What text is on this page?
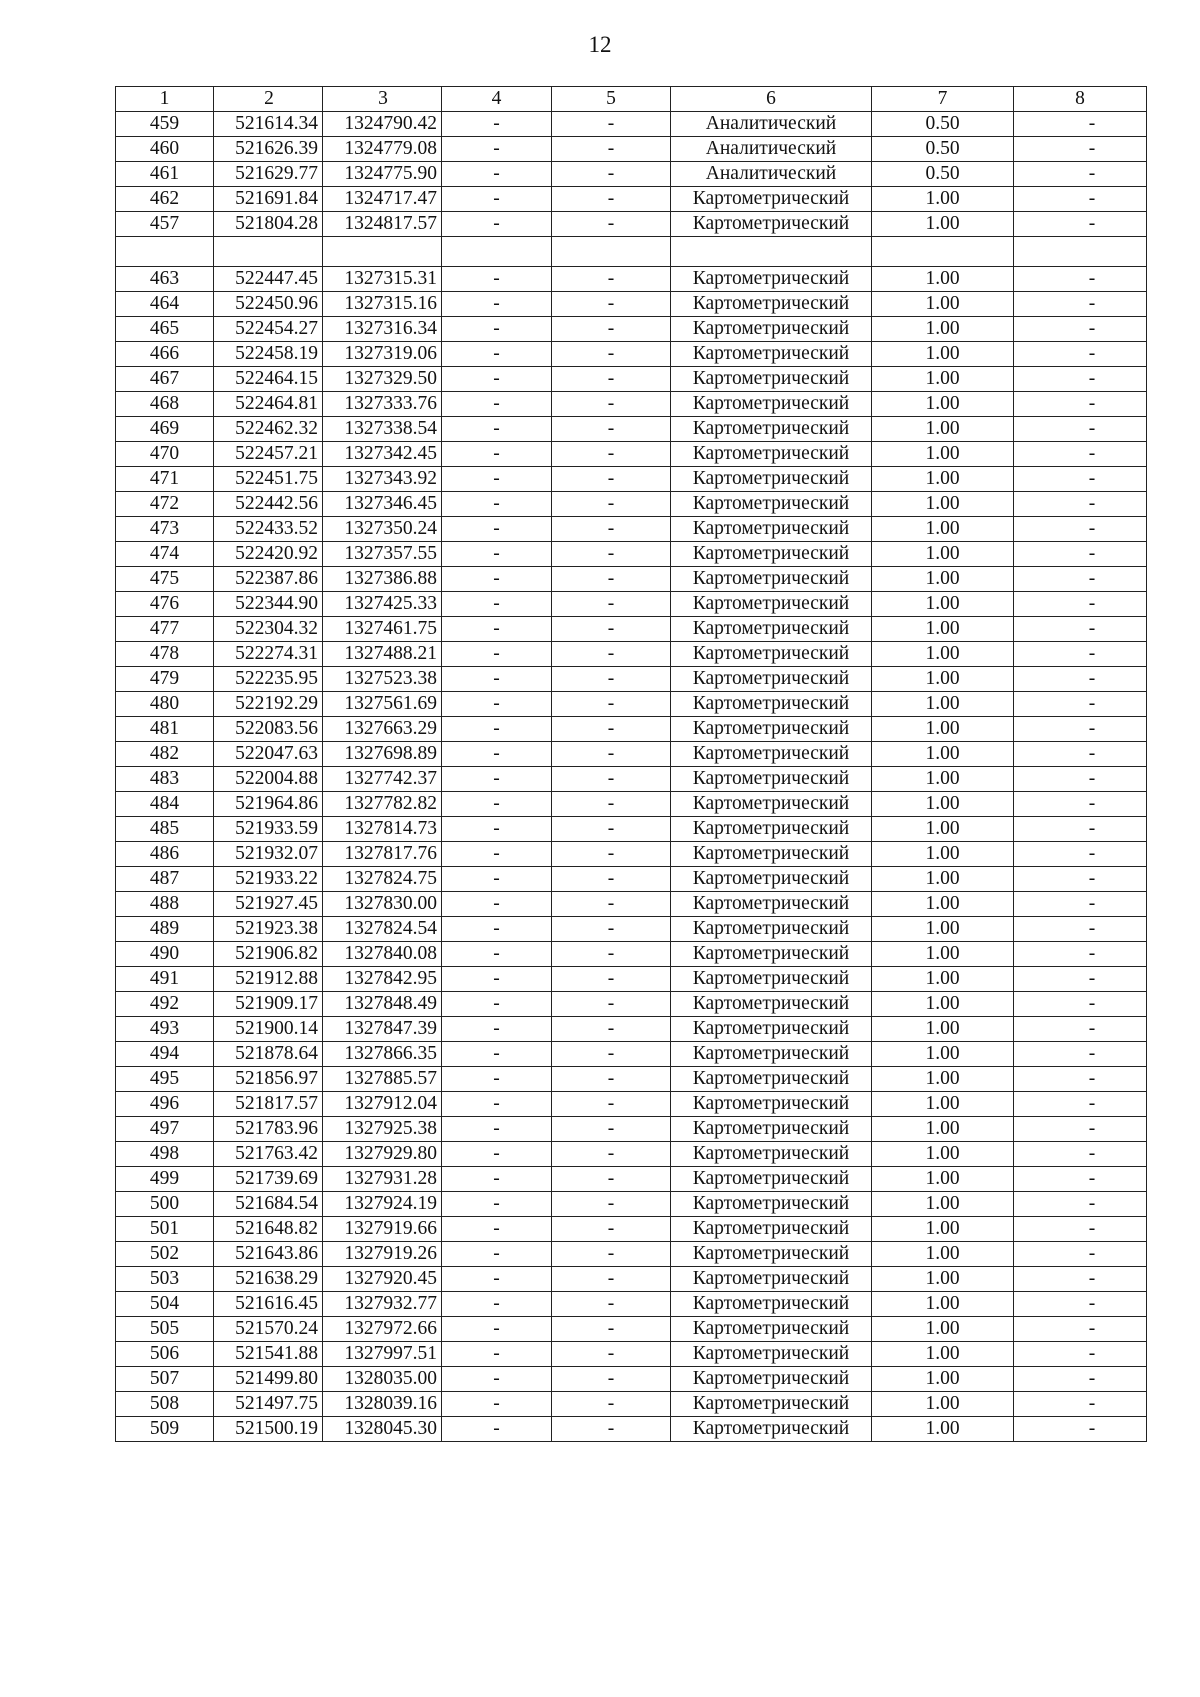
12
1	2	3	4	5	6	7	8
459	521614.34	1324790.42	-	-	Аналитический	0.50	-
460	521626.39	1324779.08	-	-	Аналитический	0.50	-
461	521629.77	1324775.90	-	-	Аналитический	0.50	-
462	521691.84	1324717.47	-	-	Картометрический	1.00	-
457	521804.28	1324817.57	-	-	Картометрический	1.00	-

463	522447.45	1327315.31	-	-	Картометрический	1.00	-
464	522450.96	1327315.16	-	-	Картометрический	1.00	-
465	522454.27	1327316.34	-	-	Картометрический	1.00	-
466	522458.19	1327319.06	-	-	Картометрический	1.00	-
467	522464.15	1327329.50	-	-	Картометрический	1.00	-
468	522464.81	1327333.76	-	-	Картометрический	1.00	-
469	522462.32	1327338.54	-	-	Картометрический	1.00	-
470	522457.21	1327342.45	-	-	Картометрический	1.00	-
471	522451.75	1327343.92	-	-	Картометрический	1.00	-
472	522442.56	1327346.45	-	-	Картометрический	1.00	-
473	522433.52	1327350.24	-	-	Картометрический	1.00	-
474	522420.92	1327357.55	-	-	Картометрический	1.00	-
475	522387.86	1327386.88	-	-	Картометрический	1.00	-
476	522344.90	1327425.33	-	-	Картометрический	1.00	-
477	522304.32	1327461.75	-	-	Картометрический	1.00	-
478	522274.31	1327488.21	-	-	Картометрический	1.00	-
479	522235.95	1327523.38	-	-	Картометрический	1.00	-
480	522192.29	1327561.69	-	-	Картометрический	1.00	-
481	522083.56	1327663.29	-	-	Картометрический	1.00	-
482	522047.63	1327698.89	-	-	Картометрический	1.00	-
483	522004.88	1327742.37	-	-	Картометрический	1.00	-
484	521964.86	1327782.82	-	-	Картометрический	1.00	-
485	521933.59	1327814.73	-	-	Картометрический	1.00	-
486	521932.07	1327817.76	-	-	Картометрический	1.00	-
487	521933.22	1327824.75	-	-	Картометрический	1.00	-
488	521927.45	1327830.00	-	-	Картометрический	1.00	-
489	521923.38	1327824.54	-	-	Картометрический	1.00	-
490	521906.82	1327840.08	-	-	Картометрический	1.00	-
491	521912.88	1327842.95	-	-	Картометрический	1.00	-
492	521909.17	1327848.49	-	-	Картометрический	1.00	-
493	521900.14	1327847.39	-	-	Картометрический	1.00	-
494	521878.64	1327866.35	-	-	Картометрический	1.00	-
495	521856.97	1327885.57	-	-	Картометрический	1.00	-
496	521817.57	1327912.04	-	-	Картометрический	1.00	-
497	521783.96	1327925.38	-	-	Картометрический	1.00	-
498	521763.42	1327929.80	-	-	Картометрический	1.00	-
499	521739.69	1327931.28	-	-	Картометрический	1.00	-
500	521684.54	1327924.19	-	-	Картометрический	1.00	-
501	521648.82	1327919.66	-	-	Картометрический	1.00	-
502	521643.86	1327919.26	-	-	Картометрический	1.00	-
503	521638.29	1327920.45	-	-	Картометрический	1.00	-
504	521616.45	1327932.77	-	-	Картометрический	1.00	-
505	521570.24	1327972.66	-	-	Картометрический	1.00	-
506	521541.88	1327997.51	-	-	Картометрический	1.00	-
507	521499.80	1328035.00	-	-	Картометрический	1.00	-
508	521497.75	1328039.16	-	-	Картометрический	1.00	-
509	521500.19	1328045.30	-	-	Картометрический	1.00	-
